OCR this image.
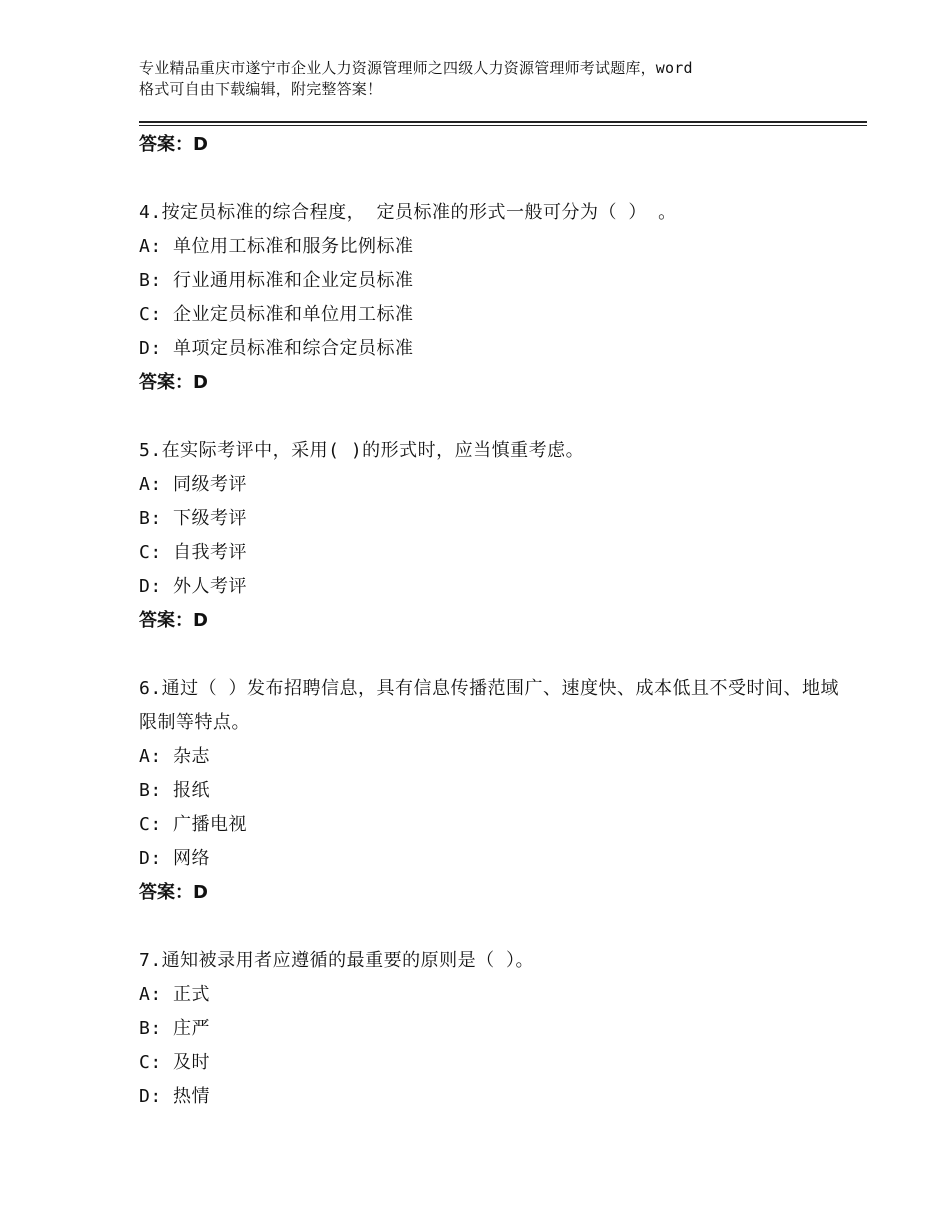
专业精品重庆市遂宁市企业人力资源管理师之四级人力资源管理师考试题库，word
格式可自由下载编辑，附完整答案！
答案：D
4.按定员标准的综合程度， 定员标准的形式一般可分为（ ） 。
A: 单位用工标准和服务比例标准
B: 行业通用标准和企业定员标准
C: 企业定员标准和单位用工标准
D: 单项定员标准和综合定员标准
答案：D
5.在实际考评中，采用( )的形式时，应当慎重考虑。
A: 同级考评
B: 下级考评
C: 自我考评
D: 外人考评
答案：D
6.通过（ ）发布招聘信息，具有信息传播范围广、速度快、成本低且不受时间、地域限制等特点。
A: 杂志
B: 报纸
C: 广播电视
D: 网络
答案：D
7.通知被录用者应遵循的最重要的原则是（ ）。
A: 正式
B: 庄严
C: 及时
D: 热情
